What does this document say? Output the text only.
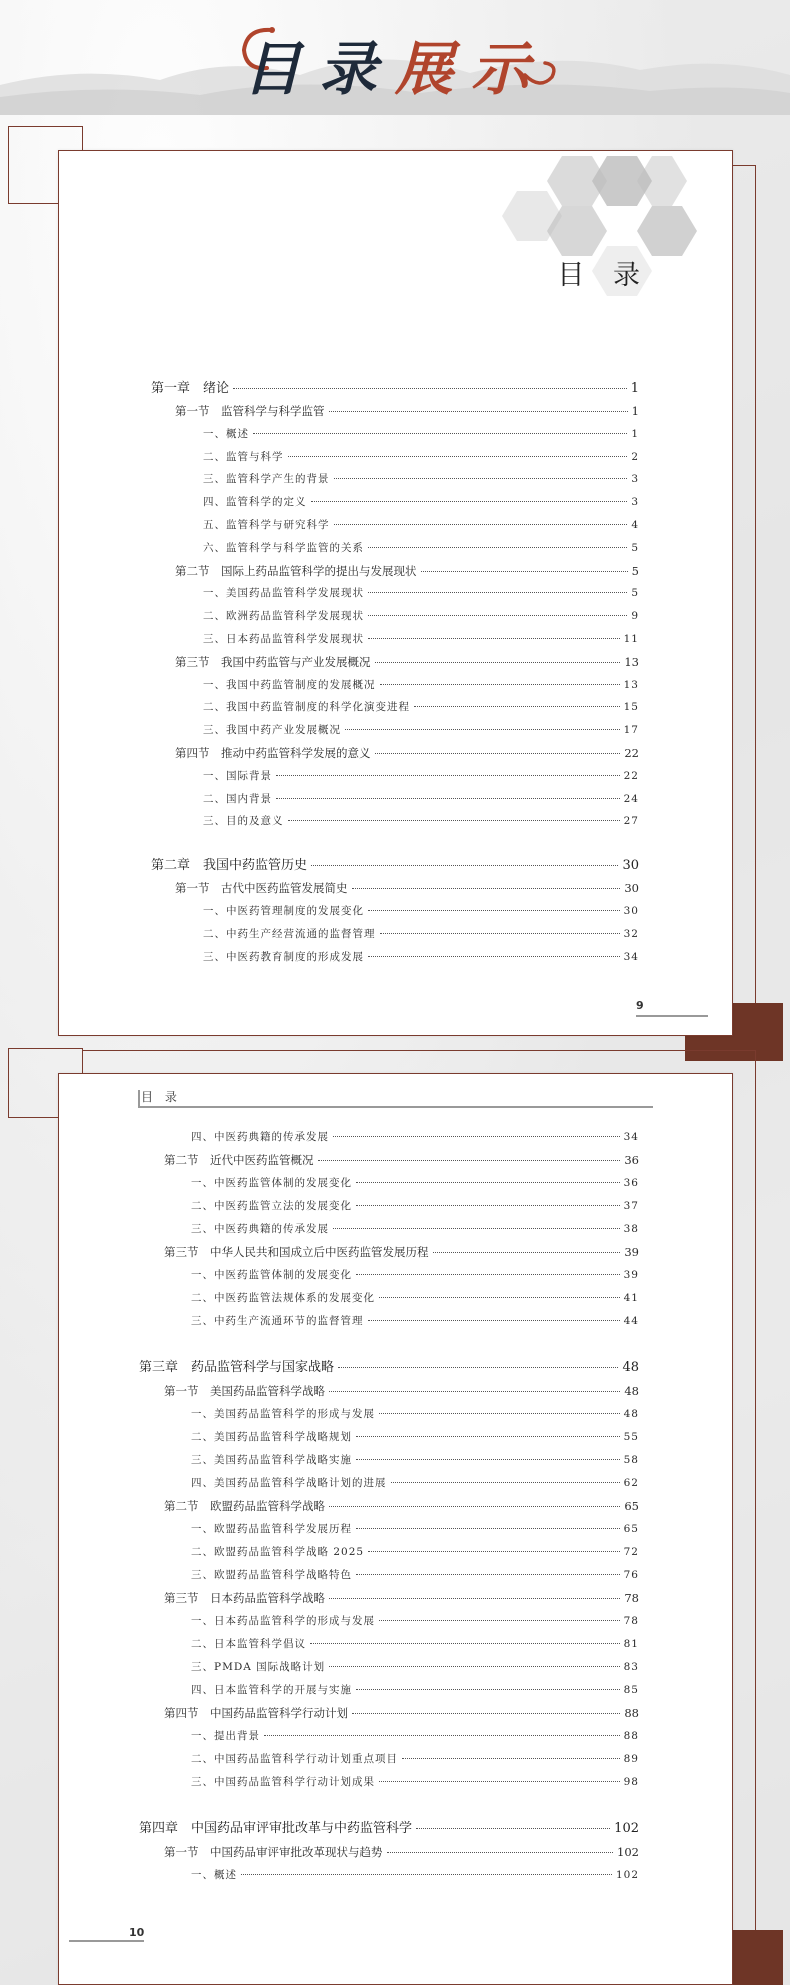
目录展示
目 录
第一章　绪论	1
第一节　监管科学与科学监管	1
一、概述	1
二、监管与科学	2
三、监管科学产生的背景	3
四、监管科学的定义	3
五、监管科学与研究科学	4
六、监管科学与科学监管的关系	5
第二节　国际上药品监管科学的提出与发展现状	5
一、美国药品监管科学发展现状	5
二、欧洲药品监管科学发展现状	9
三、日本药品监管科学发展现状	11
第三节　我国中药监管与产业发展概况	13
一、我国中药监管制度的发展概况	13
二、我国中药监管制度的科学化演变进程	15
三、我国中药产业发展概况	17
第四节　推动中药监管科学发展的意义	22
一、国际背景	22
二、国内背景	24
三、目的及意义	27
第二章　我国中药监管历史	30
第一节　古代中医药监管发展简史	30
一、中医药管理制度的发展变化	30
二、中药生产经营流通的监督管理	32
三、中医药教育制度的形成发展	34
9
目 录
四、中医药典籍的传承发展	34
第二节　近代中医药监管概况	36
一、中医药监管体制的发展变化	36
二、中医药监管立法的发展变化	37
三、中医药典籍的传承发展	38
第三节　中华人民共和国成立后中医药监管发展历程	39
一、中医药监管体制的发展变化	39
二、中医药监管法规体系的发展变化	41
三、中药生产流通环节的监督管理	44
第三章　药品监管科学与国家战略	48
第一节　美国药品监管科学战略	48
一、美国药品监管科学的形成与发展	48
二、美国药品监管科学战略规划	55
三、美国药品监管科学战略实施	58
四、美国药品监管科学战略计划的进展	62
第二节　欧盟药品监管科学战略	65
一、欧盟药品监管科学发展历程	65
二、欧盟药品监管科学战略 2025	72
三、欧盟药品监管科学战略特色	76
第三节　日本药品监管科学战略	78
一、日本药品监管科学的形成与发展	78
二、日本监管科学倡议	81
三、PMDA 国际战略计划	83
四、日本监管科学的开展与实施	85
第四节　中国药品监管科学行动计划	88
一、提出背景	88
二、中国药品监管科学行动计划重点项目	89
三、中国药品监管科学行动计划成果	98
第四章　中国药品审评审批改革与中药监管科学	102
第一节　中国药品审评审批改革现状与趋势	102
一、概述	102
10
